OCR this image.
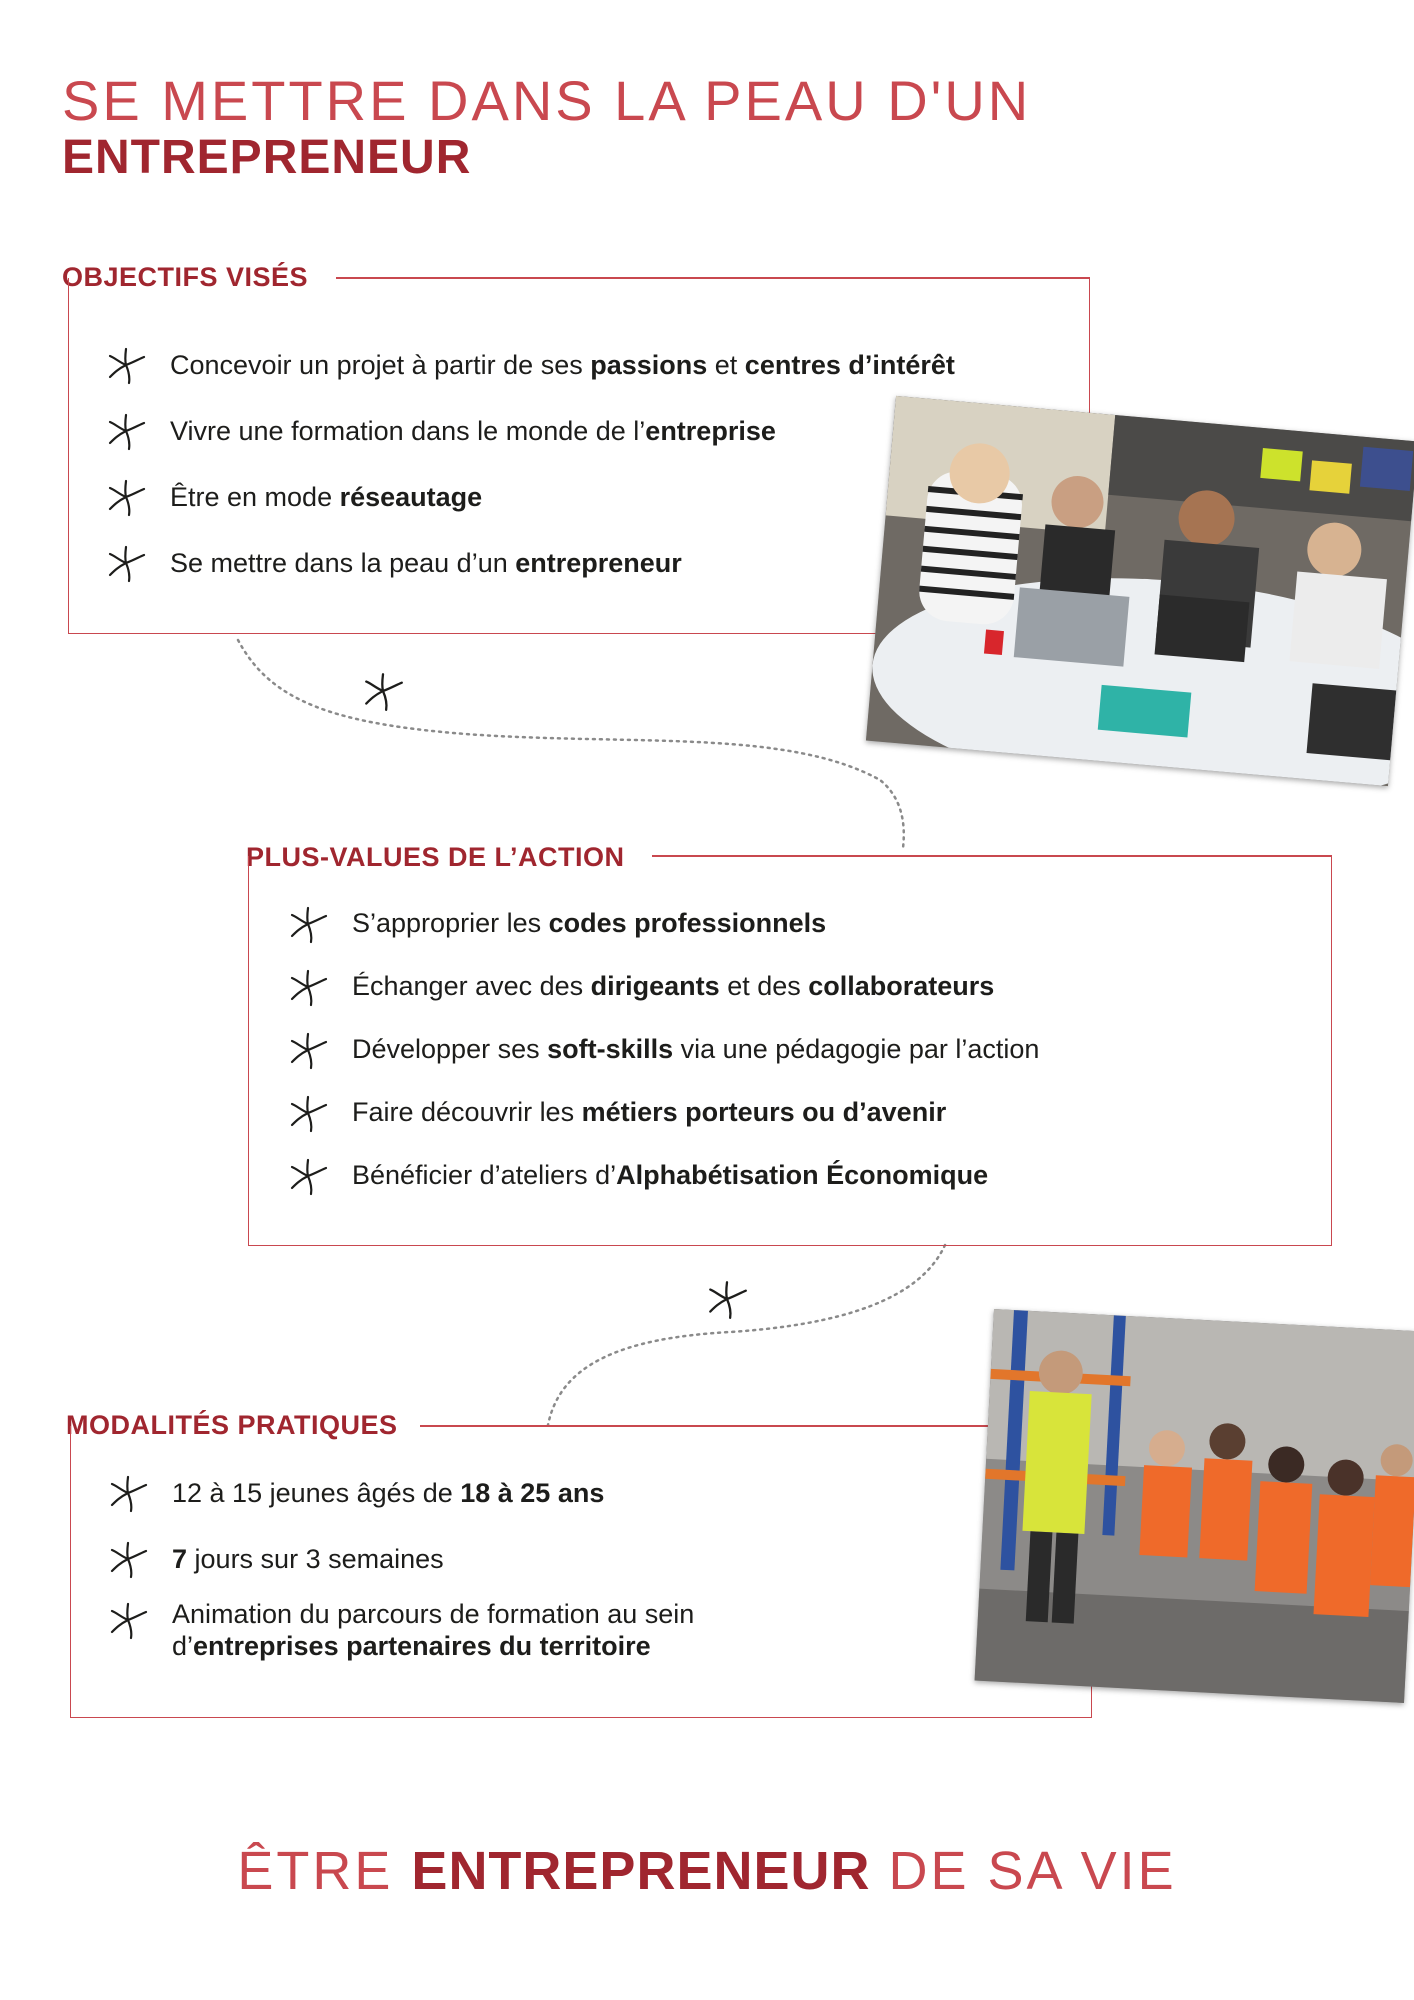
SE METTRE DANS LA PEAU D'UN
ENTREPRENEUR
OBJECTIFS VISÉS
Concevoir un projet à partir de ses passions et centres d’intérêt
Vivre une formation dans le monde de l’entreprise
Être en mode réseautage
Se mettre dans la peau d’un entrepreneur
PLUS-VALUES DE L’ACTION
S’approprier les codes professionnels
Échanger avec des dirigeants et des collaborateurs
Développer ses soft-skills via une pédagogie par l’action
Faire découvrir les métiers porteurs ou d’avenir
Bénéficier d’ateliers d’Alphabétisation Économique
MODALITÉS PRATIQUES
12 à 15 jeunes âgés de 18 à 25 ans
7 jours sur 3 semaines
Animation du parcours de formation au sein
d’entreprises partenaires du territoire
ÊTRE ENTREPRENEUR DE SA VIE
